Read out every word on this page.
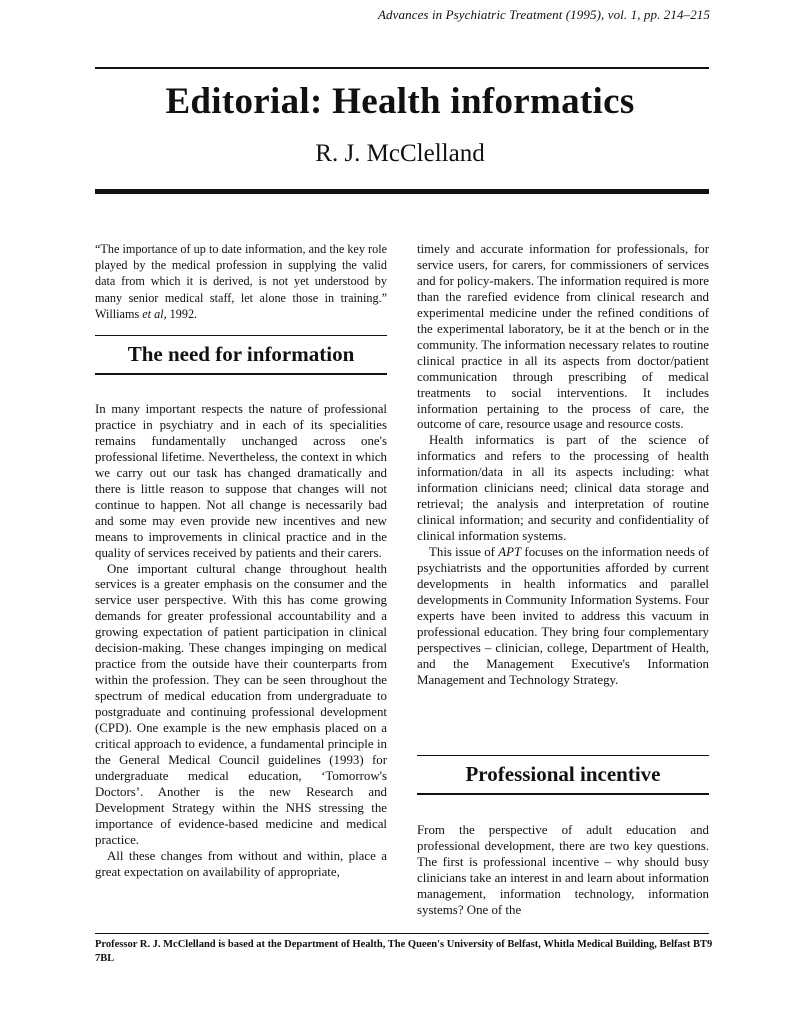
Advances in Psychiatric Treatment (1995), vol. 1, pp. 214–215
Editorial: Health informatics
R. J. McClelland
“The importance of up to date information, and the key role played by the medical profession in supplying the valid data from which it is derived, is not yet understood by many senior medical staff, let alone those in training.” Williams et al, 1992.
The need for information

In many important respects the nature of professional practice in psychiatry and in each of its specialities remains fundamentally unchanged across one's professional lifetime. Nevertheless, the context in which we carry out our task has changed dramatically and there is little reason to suppose that changes will not continue to happen. Not all change is necessarily bad and some may even provide new incentives and new means to improvements in clinical practice and in the quality of services received by patients and their carers.

One important cultural change throughout health services is a greater emphasis on the consumer and the service user perspective. With this has come growing demands for greater professional accountability and a growing expectation of patient participation in clinical decision-making. These changes impinging on medical practice from the outside have their counterparts from within the profession. They can be seen throughout the spectrum of medical education from undergraduate to postgraduate and continuing professional development (CPD). One example is the new emphasis placed on a critical approach to evidence, a fundamental principle in the General Medical Council guidelines (1993) for undergraduate medical education, ‘Tomorrow's Doctors’. Another is the new Research and Development Strategy within the NHS stressing the importance of evidence-based medicine and medical practice.

All these changes from without and within, place a great expectation on availability of appropriate,

timely and accurate information for professionals, for service users, for carers, for commissioners of services and for policy-makers. The information required is more than the rarefied evidence from clinical research and experimental medicine under the refined conditions of the experimental laboratory, be it at the bench or in the community. The information necessary relates to routine clinical practice in all its aspects from doctor/patient communication through prescribing of medical treatments to social interventions. It includes information pertaining to the process of care, the outcome of care, resource usage and resource costs.

Health informatics is part of the science of informatics and refers to the processing of health information/data in all its aspects including: what information clinicians need; clinical data storage and retrieval; the analysis and interpretation of routine clinical information; and security and confidentiality of clinical information systems.

This issue of APT focuses on the information needs of psychiatrists and the opportunities afforded by current developments in health informatics and parallel developments in Community Information Systems. Four experts have been invited to address this vacuum in professional education. They bring four complementary perspectives – clinician, college, Department of Health, and the Management Executive's Information Management and Technology Strategy.

Professional incentive

From the perspective of adult education and professional development, there are two key questions. The first is professional incentive – why should busy clinicians take an interest in and learn about information management, information technology, information systems? One of the

Professor R. J. McClelland is based at the Department of Health, The Queen's University of Belfast, Whitla Medical Building, Belfast BT9 7BL
